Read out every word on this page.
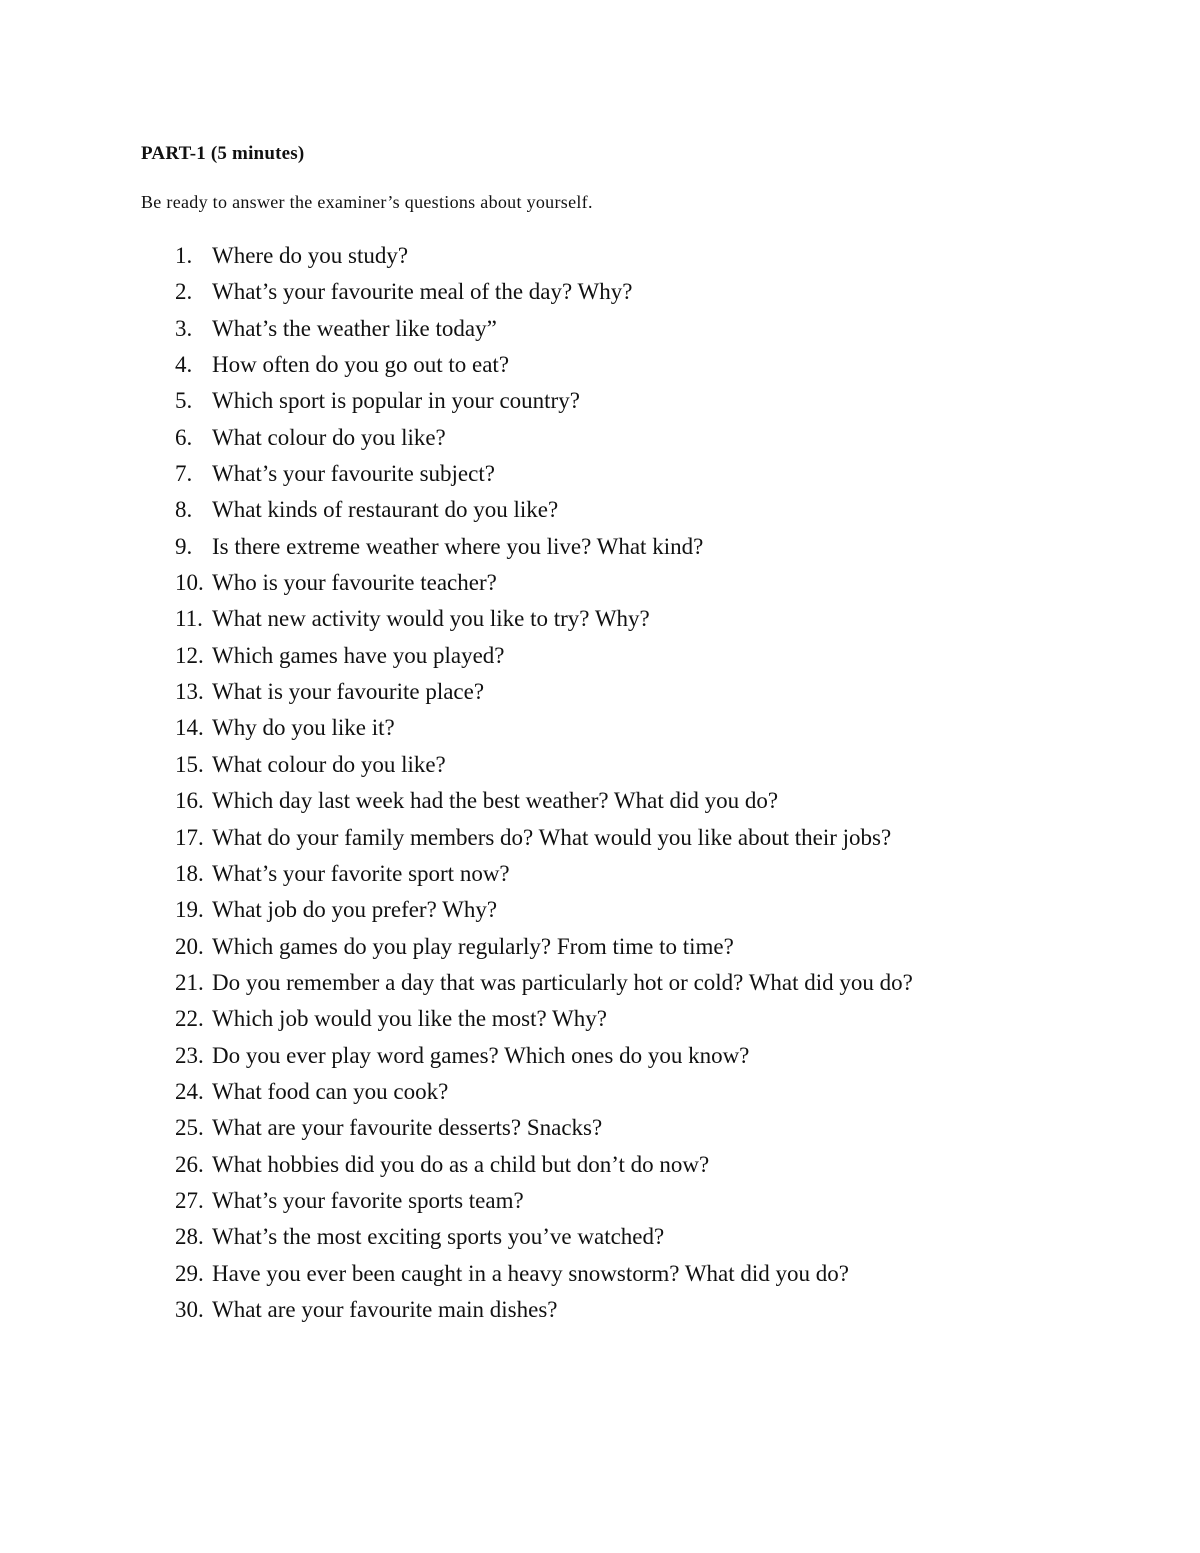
PART-1 (5 minutes)
Be ready to answer the examiner’s questions about yourself.
1. Where do you study?
2. What’s your favourite meal of the day? Why?
3. What’s the weather like today”
4. How often do you go out to eat?
5. Which sport is popular in your country?
6. What colour do you like?
7. What’s your favourite subject?
8. What kinds of restaurant do you like?
9. Is there extreme weather where you live? What kind?
10. Who is your favourite teacher?
11. What new activity would you like to try? Why?
12. Which games have you played?
13. What is your favourite place?
14. Why do you like it?
15. What colour do you like?
16. Which day last week had the best weather? What did you do?
17. What do your family members do? What would you like about their jobs?
18. What’s your favorite sport now?
19. What job do you prefer? Why?
20. Which games do you play regularly? From time to time?
21. Do you remember a day that was particularly hot or cold? What did you do?
22. Which job would you like the most? Why?
23. Do you ever play word games? Which ones do you know?
24. What food can you cook?
25. What are your favourite desserts? Snacks?
26. What hobbies did you do as a child but don’t do now?
27. What’s your favorite sports team?
28. What’s the most exciting sports you’ve watched?
29. Have you ever been caught in a heavy snowstorm? What did you do?
30. What are your favourite main dishes?
